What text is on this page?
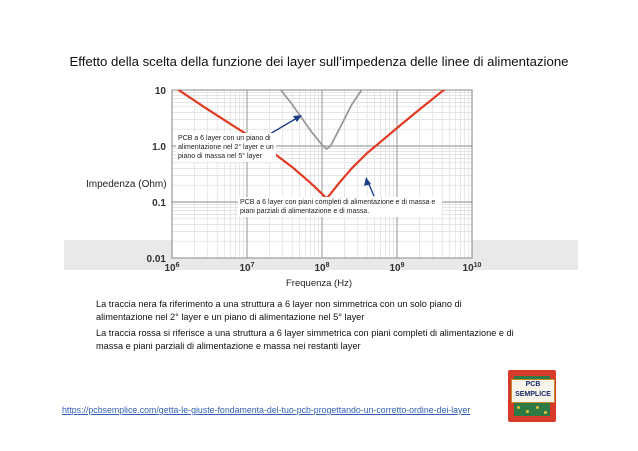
Effetto della scelta della funzione dei layer sull’impedenza delle linee di alimentazione
10
1.0
0.1
0.01
$10^6$	$10^7$	$10^8$	$10^9$	$10^{10}$
Impedenza (Ohm)
Frequenza (Hz)
PCB a 6 layer con un piano di alimentazione nel 2° layer e un piano di massa nel 5° layer
PCB a 6 layer con piani completi di alimentazione e di massa e piani parziali di alimentazione e di massa.
La traccia nera fa riferimento a una struttura a 6 layer non simmetrica con un solo piano di alimentazione nel 2° layer e un piano di alimentazione nel 5° layer
La traccia rossa si riferisce a una struttura a 6 layer simmetrica con piani completi di alimentazione e di massa e piani parziali di alimentazione e massa nei restanti layer
https://pcbsemplice.com/getta-le-giuste-fondamenta-del-tuo-pcb-progettando-un-corretto-ordine-dei-layer
PCB
SEMPLICE
